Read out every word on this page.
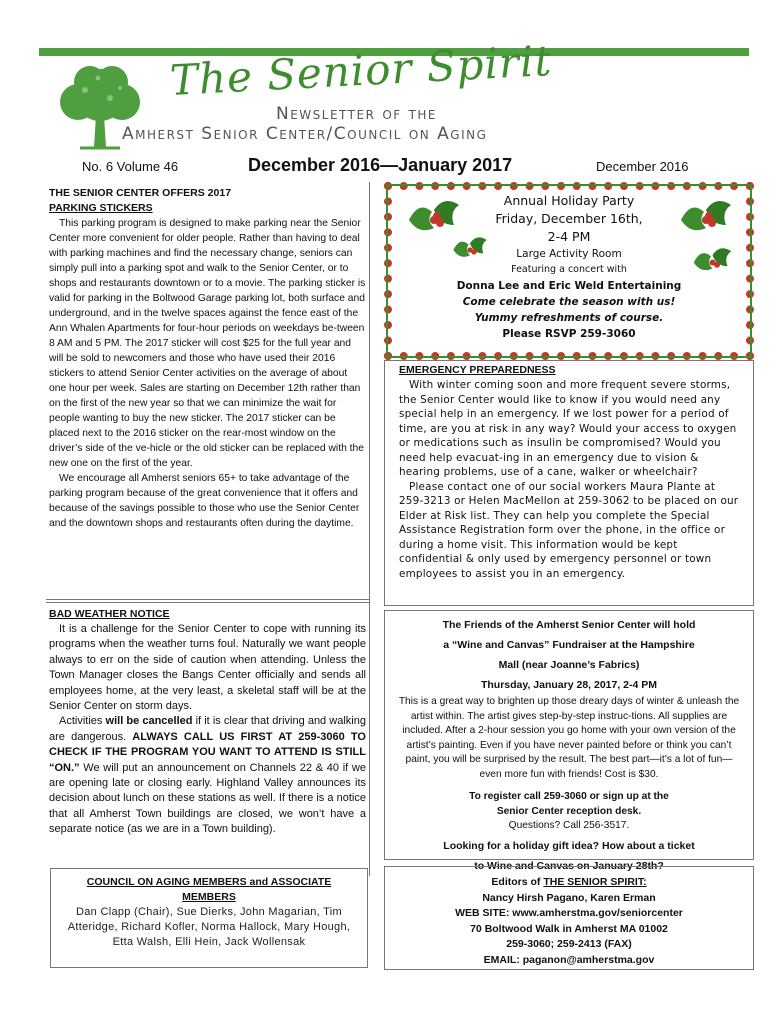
The Senior Spirit
Newsletter of the
Amherst Senior Center/Council on Aging
No. 6 Volume 46	December 2016—January 2017	December 2016
THE SENIOR CENTER OFFERS 2017
PARKING STICKERS

This parking program is designed to make parking near the Senior Center more convenient for older people. Rather than having to deal with parking machines and find the necessary change, seniors can simply pull into a parking spot and walk to the Senior Center, or to shops and restaurants downtown or to a movie. The parking sticker is valid for parking in the Boltwood Garage parking lot, both surface and underground, and in the twelve spaces against the fence east of the Ann Whalen Apartments for four-hour periods on weekdays be-tween 8 AM and 5 PM. The 2017 sticker will cost $25 for the full year and will be sold to newcomers and those who have used their 2016 stickers to attend Senior Center activities on the average of about one hour per week. Sales are starting on December 12th rather than on the first of the new year so that we can minimize the wait for people wanting to buy the new sticker. The 2017 sticker can be placed next to the 2016 sticker on the rear-most window on the driver’s side of the ve-hicle or the old sticker can be replaced with the new one on the first of the year.

We encourage all Amherst seniors 65+ to take advantage of the parking program because of the great convenience that it offers and because of the savings possible to those who use the Senior Center and the downtown shops and restaurants often during the daytime.

BAD WEATHER NOTICE

It is a challenge for the Senior Center to cope with running its programs when the weather turns foul. Naturally we want people always to err on the side of caution when attending. Unless the Town Manager closes the Bangs Center officially and sends all employees home, at the very least, a skeletal staff will be at the Senior Center on storm days.

Activities will be cancelled if it is clear that driving and walking are dangerous. ALWAYS CALL US FIRST AT 259-3060 TO CHECK IF THE PROGRAM YOU WANT TO ATTEND IS STILL “ON.” We will put an announcement on Channels 22 & 40 if we are opening late or closing early. Highland Valley announces its decision about lunch on these stations as well. If there is a notice that all Amherst Town buildings are closed, we won’t have a separate notice (as we are in a Town building).

COUNCIL ON AGING MEMBERS and ASSOCIATE
MEMBERS

Dan Clapp (Chair), Sue Dierks, John Magarian, Tim Atteridge, Richard Kofler, Norma Hallock, Mary Hough, Etta Walsh, Elli Hein, Jack Wollensak

Annual Holiday Party
Friday, December 16th,
2-4 PM
Large Activity Room
Featuring a concert with
Donna Lee and Eric Weld Entertaining
Come celebrate the season with us!
Yummy refreshments of course.
Please RSVP 259-3060
EMERGENCY PREPAREDNESS

With winter coming soon and more frequent severe storms, the Senior Center would like to know if you would need any special help in an emergency. If we lost power for a period of time, are you at risk in any way? Would your access to oxygen or medications such as insulin be compromised? Would you need help evacuat-ing in an emergency due to vision & hearing problems, use of a cane, walker or wheelchair?

Please contact one of our social workers Maura Plante at 259-3213 or Helen MacMellon at 259-3062 to be placed on our Elder at Risk list. They can help you complete the Special Assistance Registration form over the phone, in the office or during a home visit. This information would be kept confidential & only used by emergency personnel or town employees to assist you in an emergency.

The Friends of the Amherst Senior Center will hold
a “Wine and Canvas” Fundraiser at the Hampshire
Mall (near Joanne’s Fabrics)
Thursday, January 28, 2017, 2-4 PM

This is a great way to brighten up those dreary days of winter & unleash the artist within. The artist gives step-by-step instruc-tions. All supplies are included. After a 2-hour session you go home with your own version of the artist’s painting. Even if you have never painted before or think you can’t paint, you will be surprised by the result. The best part—it’s a lot of fun—even more fun with friends! Cost is $30.

To register call 259-3060 or sign up at the
Senior Center reception desk.
Questions? Call 256-3517.
Looking for a holiday gift idea? How about a ticket
to Wine and Canvas on January 28th?
Editors of THE SENIOR SPIRIT:
Nancy Hirsh Pagano, Karen Erman
WEB SITE: www.amherstma.gov/seniorcenter
70 Boltwood Walk in Amherst MA 01002
259-3060; 259-2413 (FAX)
EMAIL: paganon@amherstma.gov
